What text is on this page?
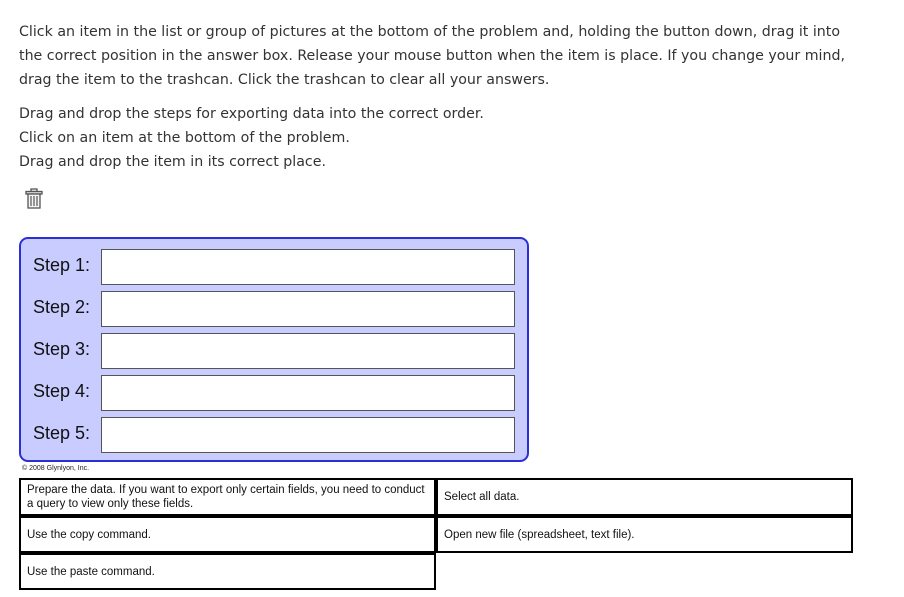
Click an item in the list or group of pictures at the bottom of the problem and, holding the button down, drag it into the correct position in the answer box. Release your mouse button when the item is place. If you change your mind, drag the item to the trashcan. Click the trashcan to clear all your answers.
Drag and drop the steps for exporting data into the correct order.
Click on an item at the bottom of the problem.
Drag and drop the item in its correct place.
Step 1:
Step 2:
Step 3:
Step 4:
Step 5:
© 2008 Glynlyon, Inc.
Prepare the data. If you want to export only certain fields, you need to conduct a query to view only these fields.
Select all data.
Use the copy command.	Open new file (spreadsheet, text file).
Use the paste command.
